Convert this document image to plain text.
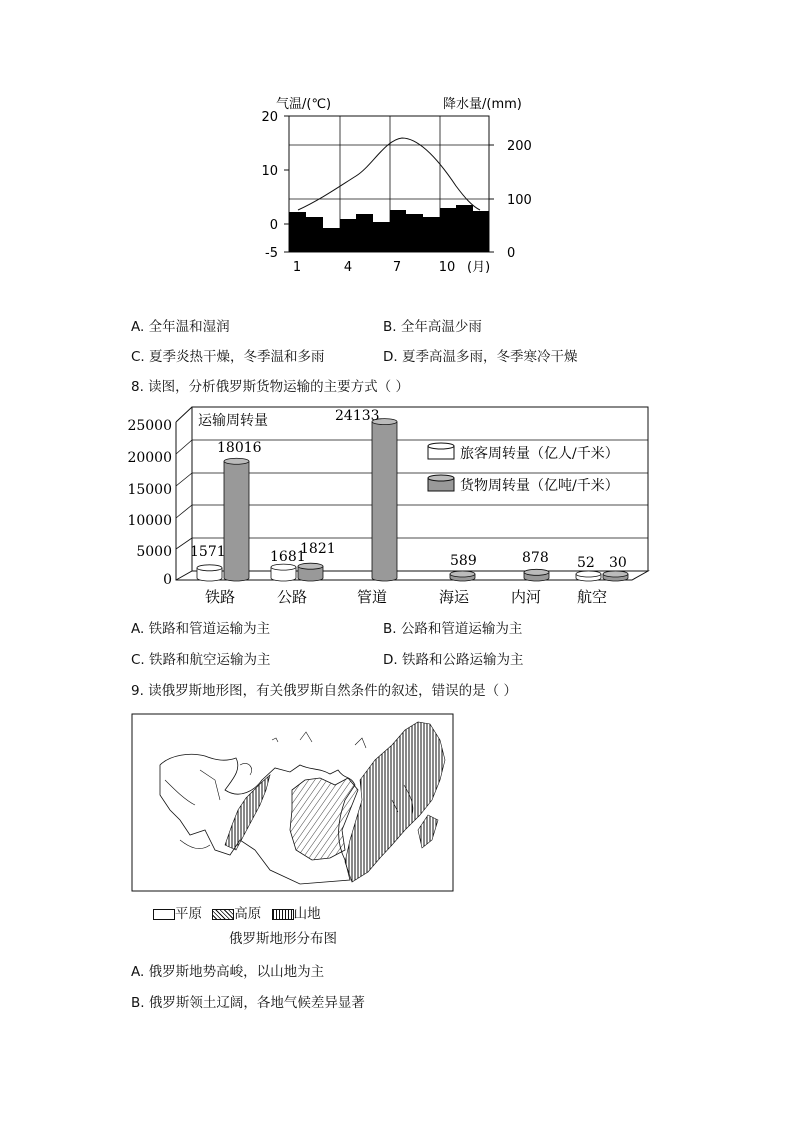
气温/(℃)	降水量/(mm)
20
10
0
-5
200
100
0
1	4	7	10 (月)
A. 全年温和湿润	B. 全年高温少雨
C. 夏季炎热干燥，冬季温和多雨	D. 夏季高温多雨，冬季寒冷干燥
8. 读图，分析俄罗斯货物运输的主要方式（ ）
25000
20000
15000
10000
5000
0
运输周转量
旅客周转量（亿人/千米）
货物周转量（亿吨/千米）
1571
18016
1681
1821
24133
589	878 52 30
铁路	公路	管道	海运	内河 航空
A. 铁路和管道运输为主	B. 公路和管道运输为主
C. 铁路和航空运输为主	D. 铁路和公路运输为主
9. 读俄罗斯地形图，有关俄罗斯自然条件的叙述，错误的是（ ）
平原 高原 山地
俄罗斯地形分布图
A. 俄罗斯地势高峻，以山地为主
B. 俄罗斯领土辽阔，各地气候差异显著
